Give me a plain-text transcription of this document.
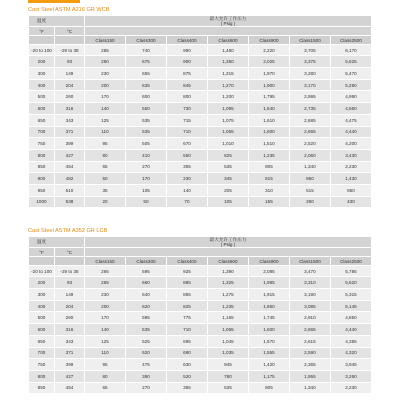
Cast Steel ASTM A216 GR WCB
温度		最大允许工作压力
( Psig )						

°F	°C							
		Class150	Class300	Class400	Class600	Class900	Class1500	Class2500
-20 to 100	-29 to 38	285	740	990	1,480	2,220	3,705	6,170
200	93	260	675	900	1,350	2,025	3,375	5,625
300	149	230	655	875	1,315	1,970	3,280	5,470
400	204	200	635	845	1,270	1,900	3,170	5,280
500	260	170	600	800	1,200	1,795	2,995	4,990
600	316	140	550	730	1,095	1,640	2,735	4,560
650	343	125	535	715	1,075	1,610	2,685	4,475
700	371	110	535	710	1,065	1,600	2,665	4,440
750	399	95	505	670	1,010	1,510	2,520	4,200
800	427	80	410	550	825	1,235	2,060	3,430
850	454	65	270	355	535	805	1,340	2,230
900	482	50	170	230	345	515	860	1,430
950	510	35	105	140	205	310	515	860
1000	538	20	50	70	105	155	260	430
Cast Steel ASTM A352 GR LCB
温度		最大允许工作压力
( Psig )						

°F	°C							
		Class150	Class300	Class400	Class600	Class900	Class1500	Class2500
-20 to 100	-29 to 38	265	695	925	1,390	2,085	3,470	5,785
200	93	255	660	885	1,325	1,985	3,310	5,520
300	149	230	640	855	1,275	1,915	3,190	5,315
400	204	200	620	825	1,235	1,850	3,085	5,145
500	260	170	585	775	1,165	1,745	2,910	4,850
600	316	140	535	710	1,065	1,600	2,665	4,440
650	343	125	525	695	1,045	1,570	2,615	4,355
700	371	110	520	690	1,035	1,555	2,590	4,320
750	399	95	475	630	945	1,420	2,365	3,945
800	427	80	390	520	780	1,175	1,955	3,260
850	454	65	270	355	535	805	1,340	2,230
